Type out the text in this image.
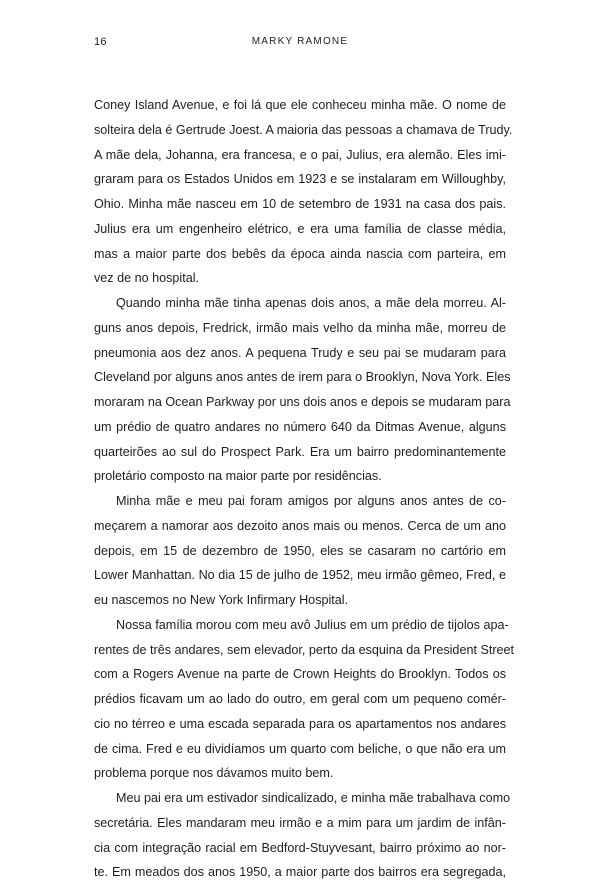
16	MARKY RAMONE
Coney Island Avenue, e foi lá que ele conheceu minha mãe. O nome de
solteira dela é Gertrude Joest. A maioria das pessoas a chamava de Trudy.
A mãe dela, Johanna, era francesa, e o pai, Julius, era alemão. Eles imi-
graram para os Estados Unidos em 1923 e se instalaram em Willoughby,
Ohio. Minha mãe nasceu em 10 de setembro de 1931 na casa dos pais.
Julius era um engenheiro elétrico, e era uma família de classe média,
mas a maior parte dos bebês da época ainda nascia com parteira, em
vez de no hospital.
Quando minha mãe tinha apenas dois anos, a mãe dela morreu. Al-
guns anos depois, Fredrick, irmão mais velho da minha mãe, morreu de
pneumonia aos dez anos. A pequena Trudy e seu pai se mudaram para
Cleveland por alguns anos antes de irem para o Brooklyn, Nova York. Eles
moraram na Ocean Parkway por uns dois anos e depois se mudaram para
um prédio de quatro andares no número 640 da Ditmas Avenue, alguns
quarteirões ao sul do Prospect Park. Era um bairro predominantemente
proletário composto na maior parte por residências.
Minha mãe e meu pai foram amigos por alguns anos antes de co-
meçarem a namorar aos dezoito anos mais ou menos. Cerca de um ano
depois, em 15 de dezembro de 1950, eles se casaram no cartório em
Lower Manhattan. No dia 15 de julho de 1952, meu irmão gêmeo, Fred, e
eu nascemos no New York Infirmary Hospital.
Nossa família morou com meu avô Julius em um prédio de tijolos apa-
rentes de três andares, sem elevador, perto da esquina da President Street
com a Rogers Avenue na parte de Crown Heights do Brooklyn. Todos os
prédios ficavam um ao lado do outro, em geral com um pequeno comér-
cio no térreo e uma escada separada para os apartamentos nos andares
de cima. Fred e eu dividíamos um quarto com beliche, o que não era um
problema porque nos dávamos muito bem.
Meu pai era um estivador sindicalizado, e minha mãe trabalhava como
secretária. Eles mandaram meu irmão e a mim para um jardim de infân-
cia com integração racial em Bedford-Stuyvesant, bairro próximo ao nor-
te. Em meados dos anos 1950, a maior parte dos bairros era segregada,
